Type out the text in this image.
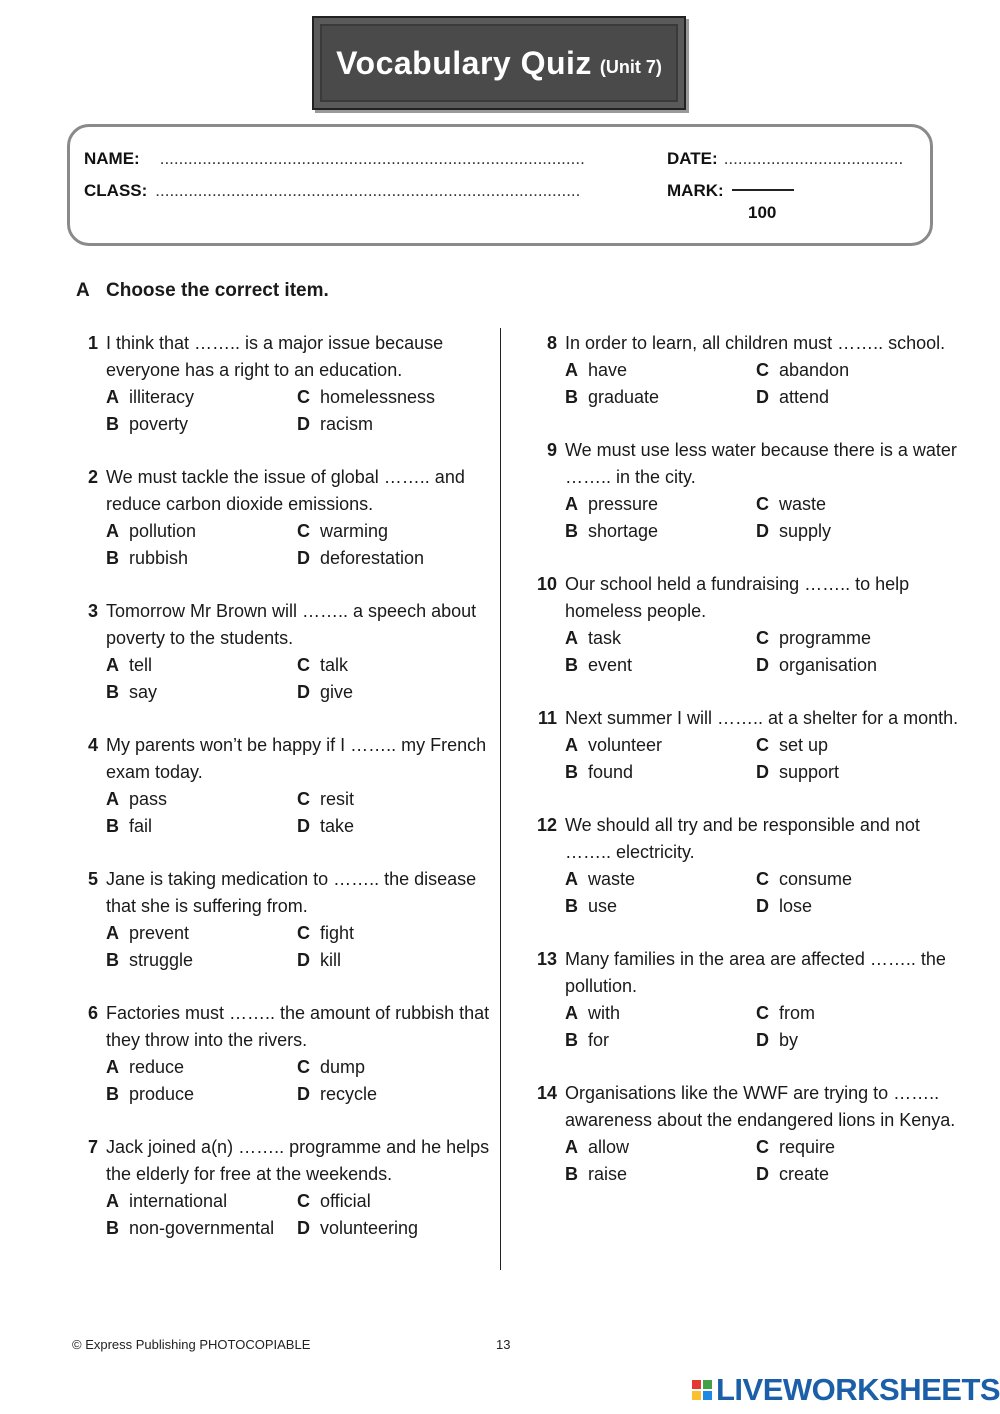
Vocabulary Quiz (Unit 7)
NAME: ..........................................................................................	DATE: ......................................
CLASS: ..........................................................................................	MARK:
100
A Choose the correct item.
1 I think that …….. is a major issue because everyone has a right to an education.
A illiteracy	C homelessness
B poverty	D racism
2 We must tackle the issue of global …….. and reduce carbon dioxide emissions.
A pollution	C warming
B rubbish	D deforestation
3 Tomorrow Mr Brown will …….. a speech about poverty to the students.
A tell	C talk
B say	D give
4 My parents won’t be happy if I …….. my French exam today.
A pass	C resit
B fail	D take
5 Jane is taking medication to …….. the disease that she is suffering from.
A prevent	C fight
B struggle	D kill
6 Factories must …….. the amount of rubbish that they throw into the rivers.
A reduce	C dump
B produce	D recycle
7 Jack joined a(n) …….. programme and he helps the elderly for free at the weekends.
A international	C official
B non-governmental	D volunteering
8 In order to learn, all children must …….. school.
A have	C abandon
B graduate	D attend
9 We must use less water because there is a water …….. in the city.
A pressure	C waste
B shortage	D supply
10 Our school held a fundraising …….. to help homeless people.
A task	C programme
B event	D organisation
11 Next summer I will …….. at a shelter for a month.
A volunteer	C set up
B found	D support
12 We should all try and be responsible and not …….. electricity.
A waste	C consume
B use	D lose
13 Many families in the area are affected …….. the pollution.
A with	C from
B for	D by
14 Organisations like the WWF are trying to …….. awareness about the endangered lions in Kenya.
A allow	C require
B raise	D create
© Express Publishing PHOTOCOPIABLE	13
LIVEWORKSHEETS
